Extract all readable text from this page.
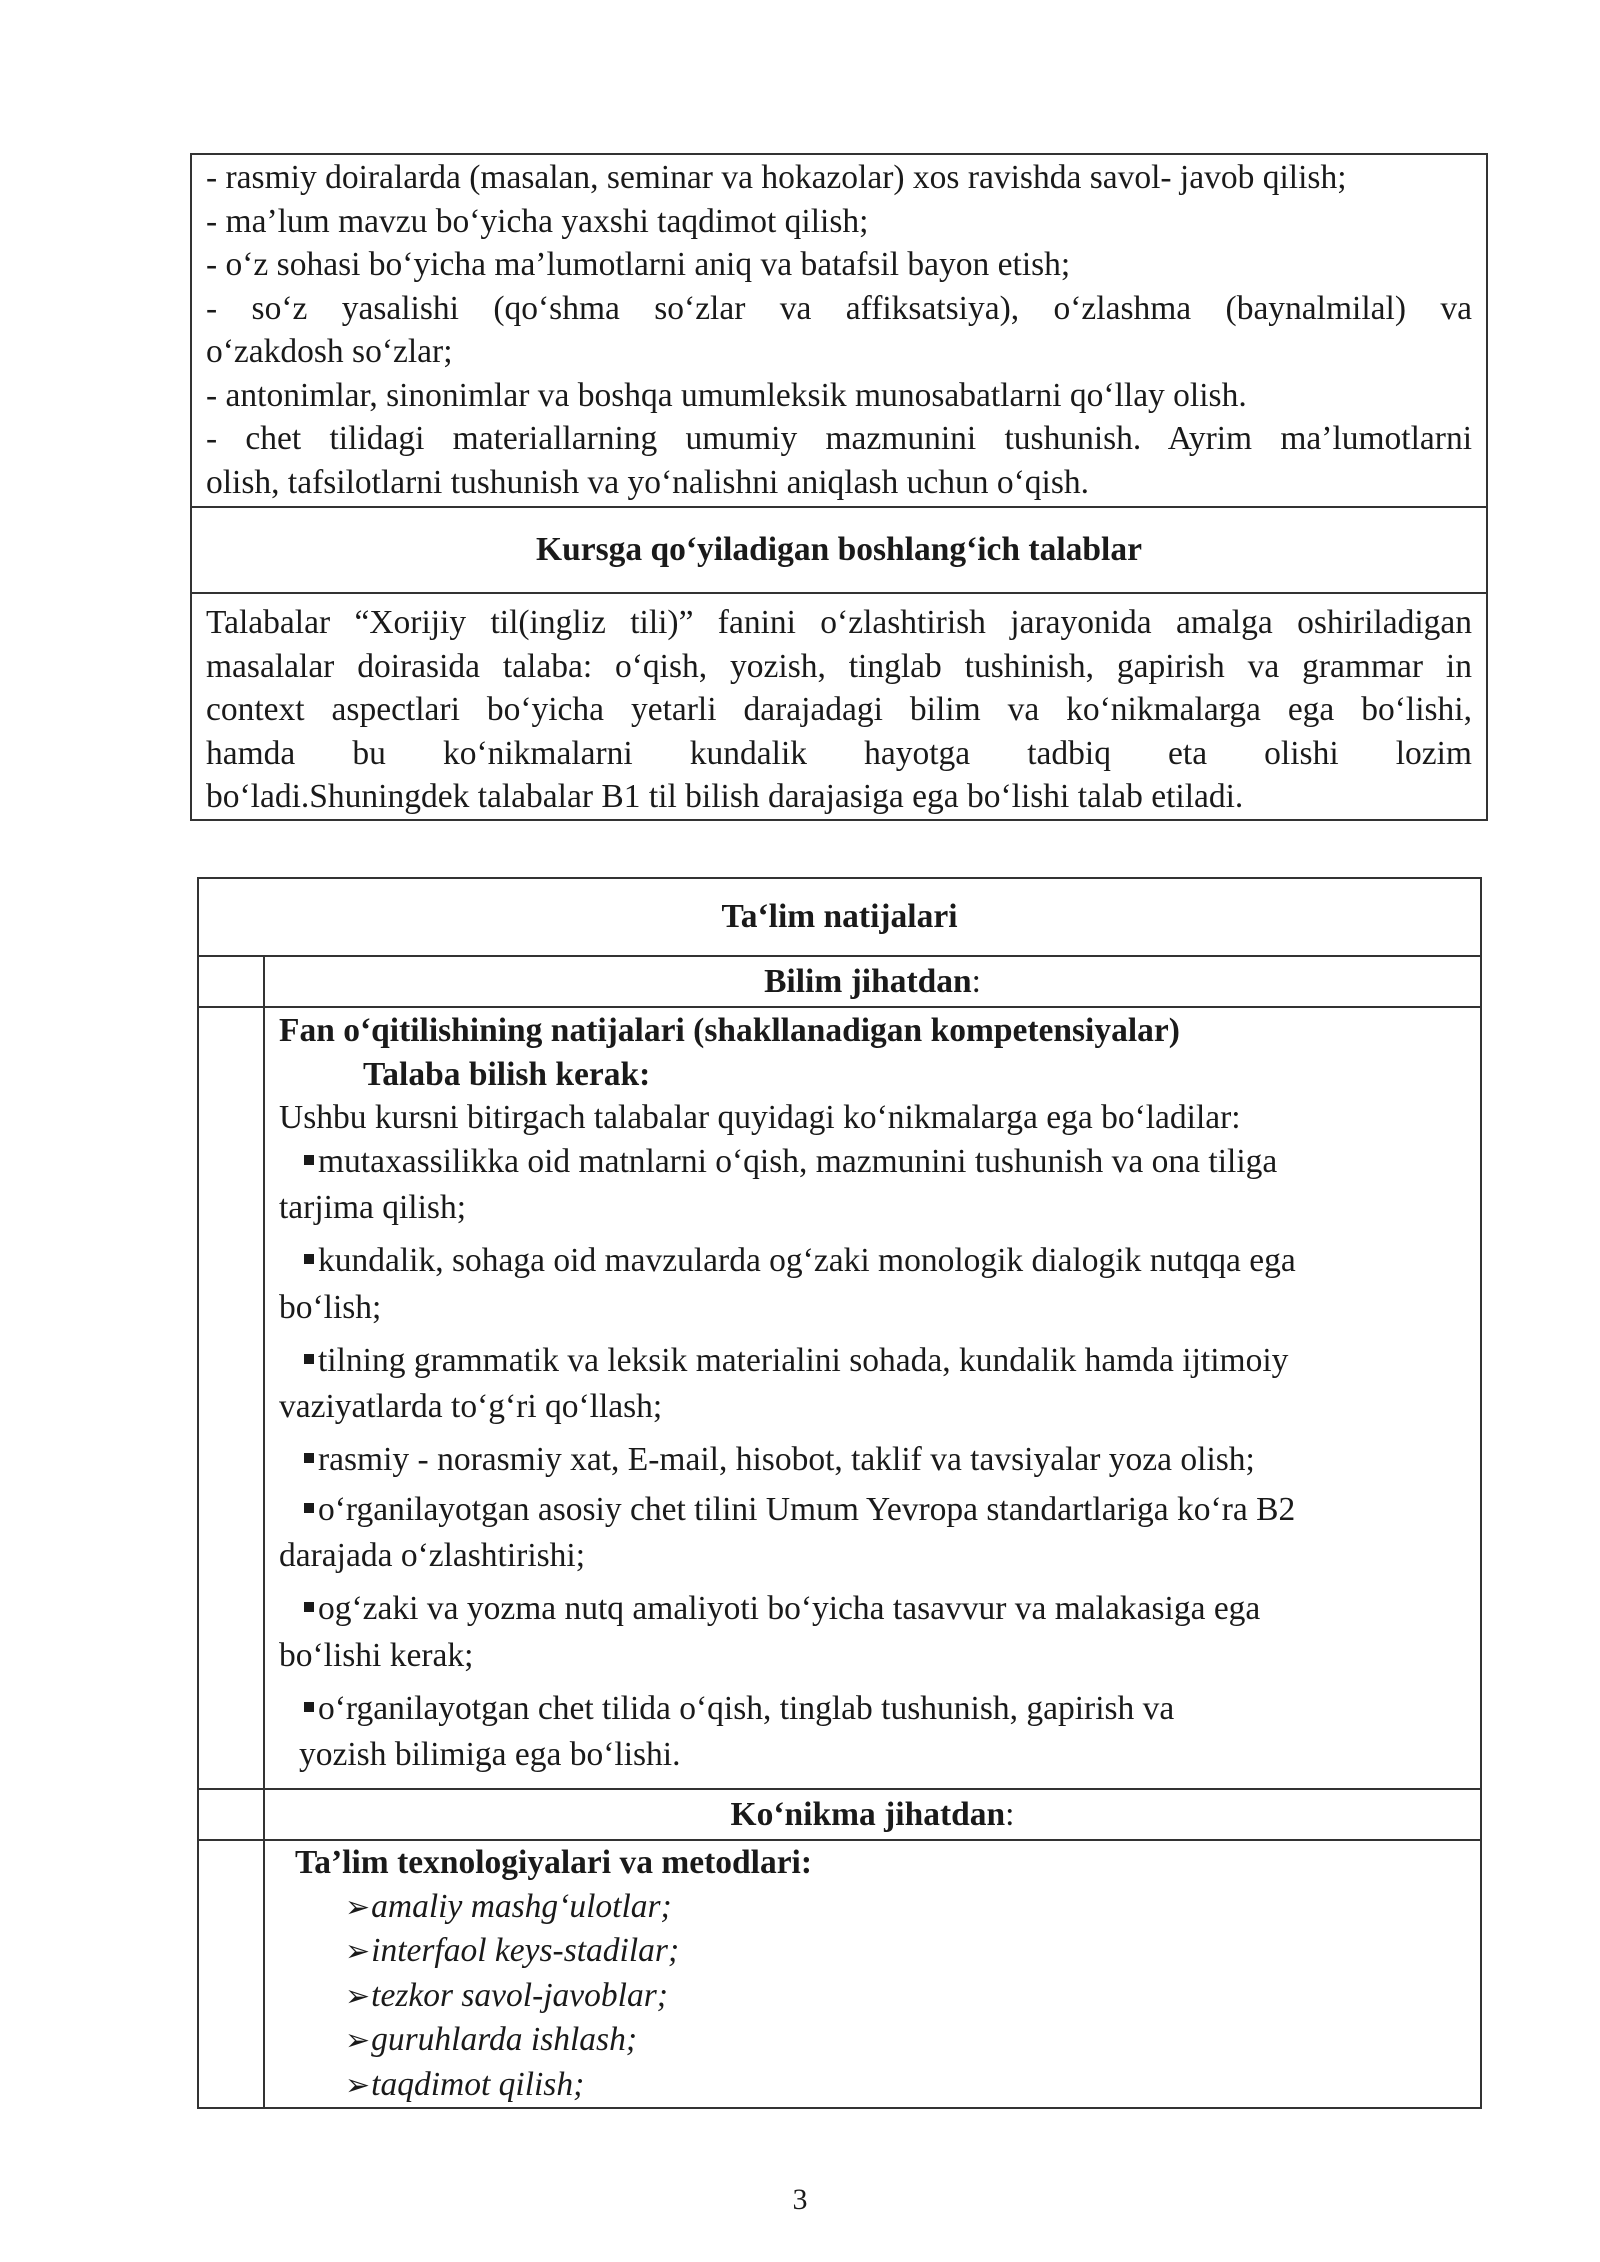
- rasmiy doiralarda (masalan, seminar va hokazolar) xos ravishda savol- javob qilish;
- ma’lum mavzu bo‘yicha yaxshi taqdimot qilish;
- o‘z sohasi bo‘yicha ma’lumotlarni aniq va batafsil bayon etish;
- so‘z yasalishi (qo‘shma so‘zlar va affiksatsiya), o‘zlashma (baynalmilal) va
o‘zakdosh so‘zlar;
- antonimlar, sinonimlar va boshqa umumleksik munosabatlarni qo‘llay olish.
- chet tilidagi materiallarning umumiy mazmunini tushunish. Ayrim ma’lumotlarni
olish, tafsilotlarni tushunish va yo‘nalishni aniqlash uchun o‘qish.
Kursga qo‘yiladigan boshlang‘ich talablar
Talabalar “Xorijiy til(ingliz tili)” fanini o‘zlashtirish jarayonida amalga oshiriladigan
masalalar doirasida talaba: o‘qish, yozish, tinglab tushinish, gapirish va grammar in
context aspectlari bo‘yicha yetarli darajadagi bilim va ko‘nikmalarga ega bo‘lishi,
hamda bu ko‘nikmalarni kundalik hayotga tadbiq eta olishi lozim
bo‘ladi.Shuningdek talabalar B1 til bilish darajasiga ega bo‘lishi talab etiladi.
Ta‘lim natijalari
Bilim jihatdan :
Fan o‘qitilishining natijalari (shakllanadigan kompetensiyalar)
Talaba bilish kerak:
Ushbu kursni bitirgach talabalar quyidagi ko‘nikmalarga ega bo‘ladilar:
mutaxassilikka oid matnlarni o‘qish, mazmunini tushunish va ona tiliga
tarjima qilish;
kundalik, sohaga oid mavzularda og‘zaki monologik dialogik nutqqa ega
bo‘lish;
tilning grammatik va leksik materialini sohada, kundalik hamda ijtimoiy
vaziyatlarda to‘g‘ri qo‘llash;
rasmiy - norasmiy xat, E-mail, hisobot, taklif va tavsiyalar yoza olish;
o‘rganilayotgan asosiy chet tilini Umum Yevropa standartlariga ko‘ra B2
darajada o‘zlashtirishi;
og‘zaki va yozma nutq amaliyoti bo‘yicha tasavvur va malakasiga ega
bo‘lishi kerak;
o‘rganilayotgan chet tilida o‘qish, tinglab tushunish, gapirish va
yozish bilimiga ega bo‘lishi.
Ko‘nikma jihatdan :
Ta’lim texnologiyalari va metodlari:
➢amaliy mashg‘ulotlar;
➢interfaol keys-stadilar;
➢tezkor savol-javoblar;
➢guruhlarda ishlash;
➢taqdimot qilish;
3
